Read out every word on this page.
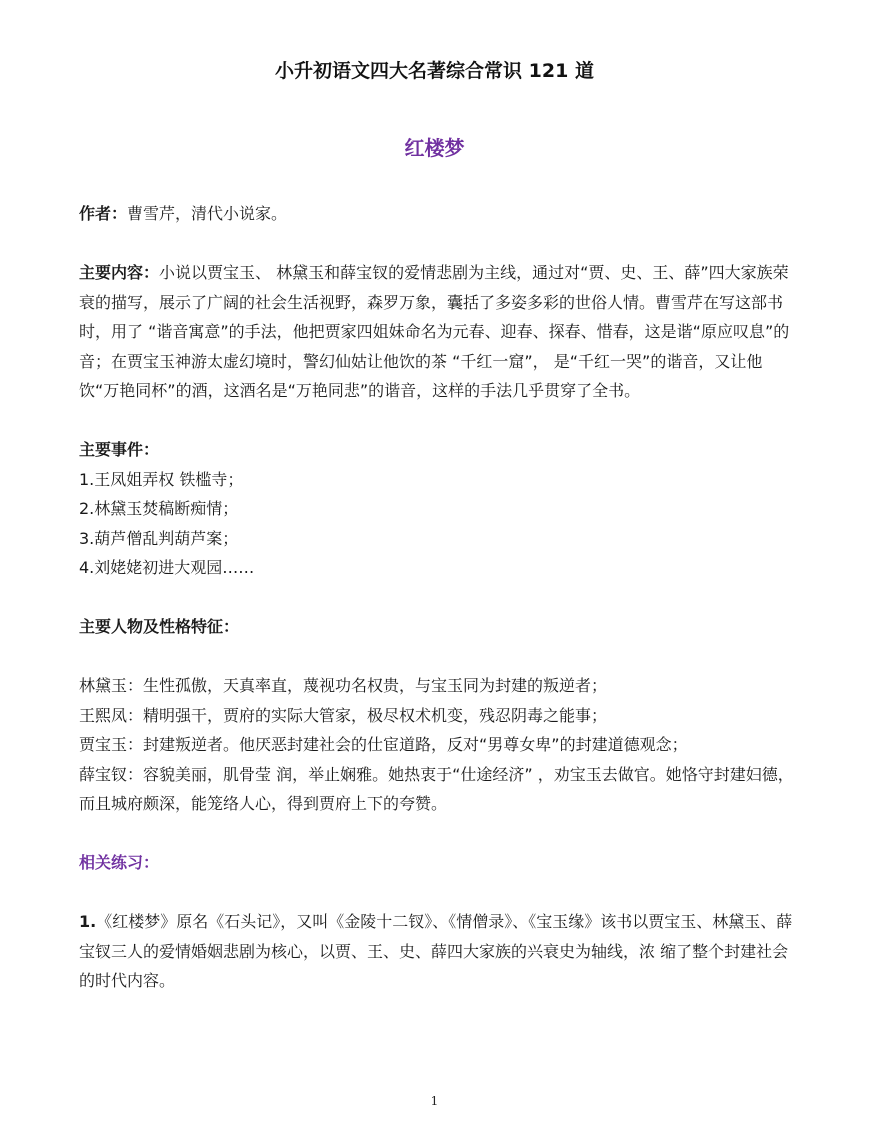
小升初语文四大名著综合常识 121 道
红楼梦

作者：曹雪芹，清代小说家。

主要内容：小说以贾宝玉、 林黛玉和薛宝钗的爱情悲剧为主线，通过对“贾、史、王、薛”四大家族荣衰的描写，展示了广阔的社会生活视野，森罗万象，囊括了多姿多彩的世俗人情。曹雪芹在写这部书时，用了 “谐音寓意”的手法，他把贾家四姐妹命名为元春、迎春、探春、惜春，这是谐“原应叹息”的音；在贾宝玉神游太虚幻境时，警幻仙姑让他饮的茶 “千红一窟”， 是“千红一哭”的谐音，又让他饮“万艳同杯”的酒，这酒名是“万艳同悲”的谐音，这样的手法几乎贯穿了全书。

主要事件：

1.王凤姐弄权 铁槛寺；

2.林黛玉焚稿断痴情；

3.葫芦僧乱判葫芦案；

4.刘姥姥初进大观园……

主要人物及性格特征：

林黛玉：生性孤傲，天真率直，蔑视功名权贵，与宝玉同为封建的叛逆者；

王熙凤：精明强干，贾府的实际大管家，极尽权术机变，残忍阴毒之能事；

贾宝玉：封建叛逆者。他厌恶封建社会的仕宦道路，反对“男尊女卑”的封建道德观念；

薛宝钗：容貌美丽，肌骨莹 润，举止娴雅。她热衷于“仕途经济” ，劝宝玉去做官。她恪守封建妇德，而且城府颇深，能笼络人心，得到贾府上下的夸赞。

相关练习：

1.《红楼梦》原名《石头记》，又叫《金陵十二钗》、《情僧录》、《宝玉缘》该书以贾宝玉、林黛玉、薛宝钗三人的爱情婚姻悲剧为核心，以贾、王、史、薛四大家族的兴衰史为轴线，浓 缩了整个封建社会的时代内容。

1
